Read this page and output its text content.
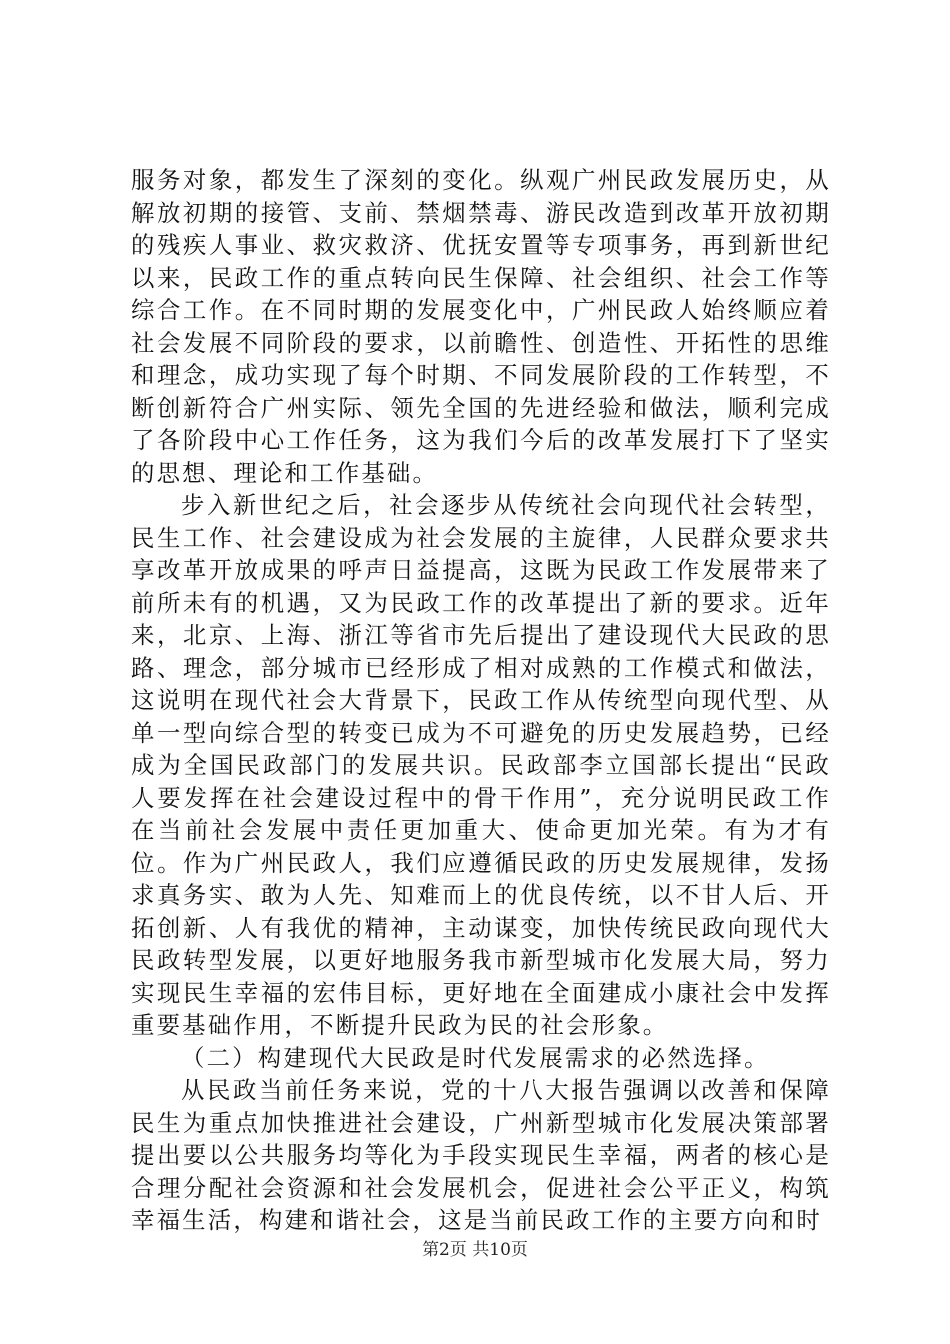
服务对象，都发生了深刻的变化。纵观广州民政发展历史，从解放初期的接管、支前、禁烟禁毒、游民改造到改革开放初期的残疾人事业、救灾救济、优抚安置等专项事务，再到新世纪以来，民政工作的重点转向民生保障、社会组织、社会工作等综合工作。在不同时期的发展变化中，广州民政人始终顺应着社会发展不同阶段的要求，以前瞻性、创造性、开拓性的思维和理念，成功实现了每个时期、不同发展阶段的工作转型，不断创新符合广州实际、领先全国的先进经验和做法，顺利完成了各阶段中心工作任务，这为我们今后的改革发展打下了坚实的思想、理论和工作基础。

步入新世纪之后，社会逐步从传统社会向现代社会转型，民生工作、社会建设成为社会发展的主旋律，人民群众要求共享改革开放成果的呼声日益提高，这既为民政工作发展带来了前所未有的机遇，又为民政工作的改革提出了新的要求。近年来，北京、上海、浙江等省市先后提出了建设现代大民政的思路、理念，部分城市已经形成了相对成熟的工作模式和做法，这说明在现代社会大背景下，民政工作从传统型向现代型、从单一型向综合型的转变已成为不可避免的历史发展趋势，已经成为全国民政部门的发展共识。民政部李立国部长提出“民政人要发挥在社会建设过程中的骨干作用”，充分说明民政工作在当前社会发展中责任更加重大、使命更加光荣。有为才有位。作为广州民政人，我们应遵循民政的历史发展规律，发扬求真务实、敢为人先、知难而上的优良传统，以不甘人后、开拓创新、人有我优的精神，主动谋变，加快传统民政向现代大民政转型发展，以更好地服务我市新型城市化发展大局，努力实现民生幸福的宏伟目标，更好地在全面建成小康社会中发挥重要基础作用，不断提升民政为民的社会形象。

（二）构建现代大民政是时代发展需求的必然选择。

从民政当前任务来说，党的十八大报告强调以改善和保障民生为重点加快推进社会建设，广州新型城市化发展决策部署提出要以公共服务均等化为手段实现民生幸福，两者的核心是合理分配社会资源和社会发展机会，促进社会公平正义，构筑幸福生活，构建和谐社会，这是当前民政工作的主要方向和时

第2页 共10页
